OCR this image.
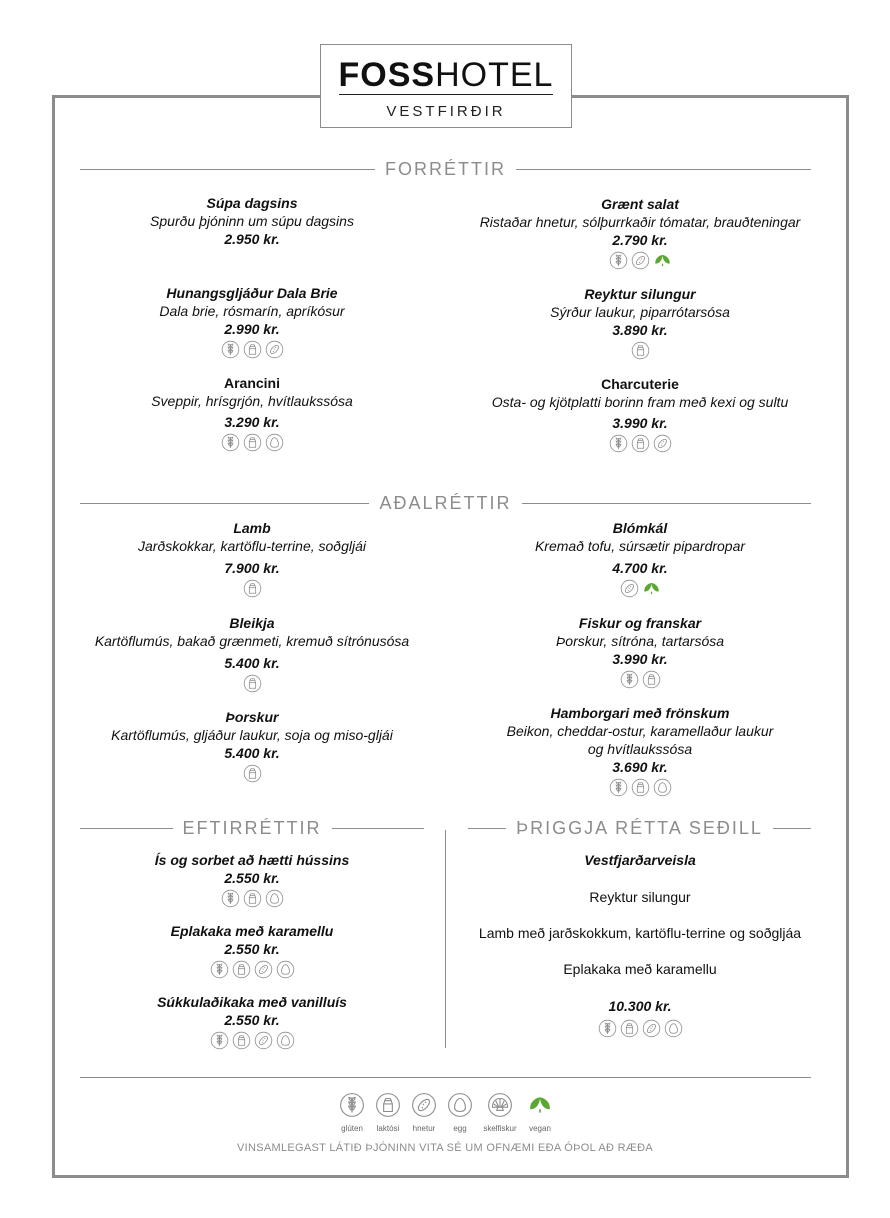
FOSSHOTEL
VESTFIRÐIR
FORRÉTTIR
Súpa dagsins
Spurðu þjóninn um súpu dagsins
2.950 kr.
Grænt salat
Ristaðar hnetur, sólþurrkaðir tómatar, brauðteningar
2.790 kr.
Hunangsgljáður Dala Brie
Dala brie, rósmarín, apríkósur
2.990 kr.
Reyktur silungur
Sýrður laukur, piparrótarsósa
3.890 kr.
Arancini
Sveppir, hrísgrjón, hvítlaukssósa
3.290 kr.
Charcuterie
Osta- og kjötplatti borinn fram með kexi og sultu
3.990 kr.
AÐALRÉTTIR
Lamb
Jarðskokkar, kartöflu-terrine, soðgljái
7.900 kr.
Blómkál
Kremað tofu, súrsætir pipardropar
4.700 kr.
Bleikja
Kartöflumús, bakað grænmeti, kremuð sítrónusósa
5.400 kr.
Fiskur og franskar
Þorskur, sítróna, tartarsósa
3.990 kr.
Þorskur
Kartöflumús, gljáður laukur, soja og miso-gljái
5.400 kr.
Hamborgari með frönskum
Beikon, cheddar-ostur, karamellaður laukur
og hvítlaukssósa
3.690 kr.
EFTIRRÉTTIR
Ís og sorbet að hætti hússins
2.550 kr.
Eplakaka með karamellu
2.550 kr.
Súkkulaðikaka með vanilluís
2.550 kr.
ÞRIGGJA RÉTTA SEÐILL
Vestfjarðarveisla
Reyktur silungur
Lamb með jarðskokkum, kartöflu-terrine og soðgljáa
Eplakaka með karamellu
10.300 kr.
glúten	laktósi	hnetur	egg	skelfiskur	vegan
VINSAMLEGAST LÁTIÐ ÞJÓNINN VITA SÉ UM OFNÆMI EÐA ÓÞOL AÐ RÆÐA
